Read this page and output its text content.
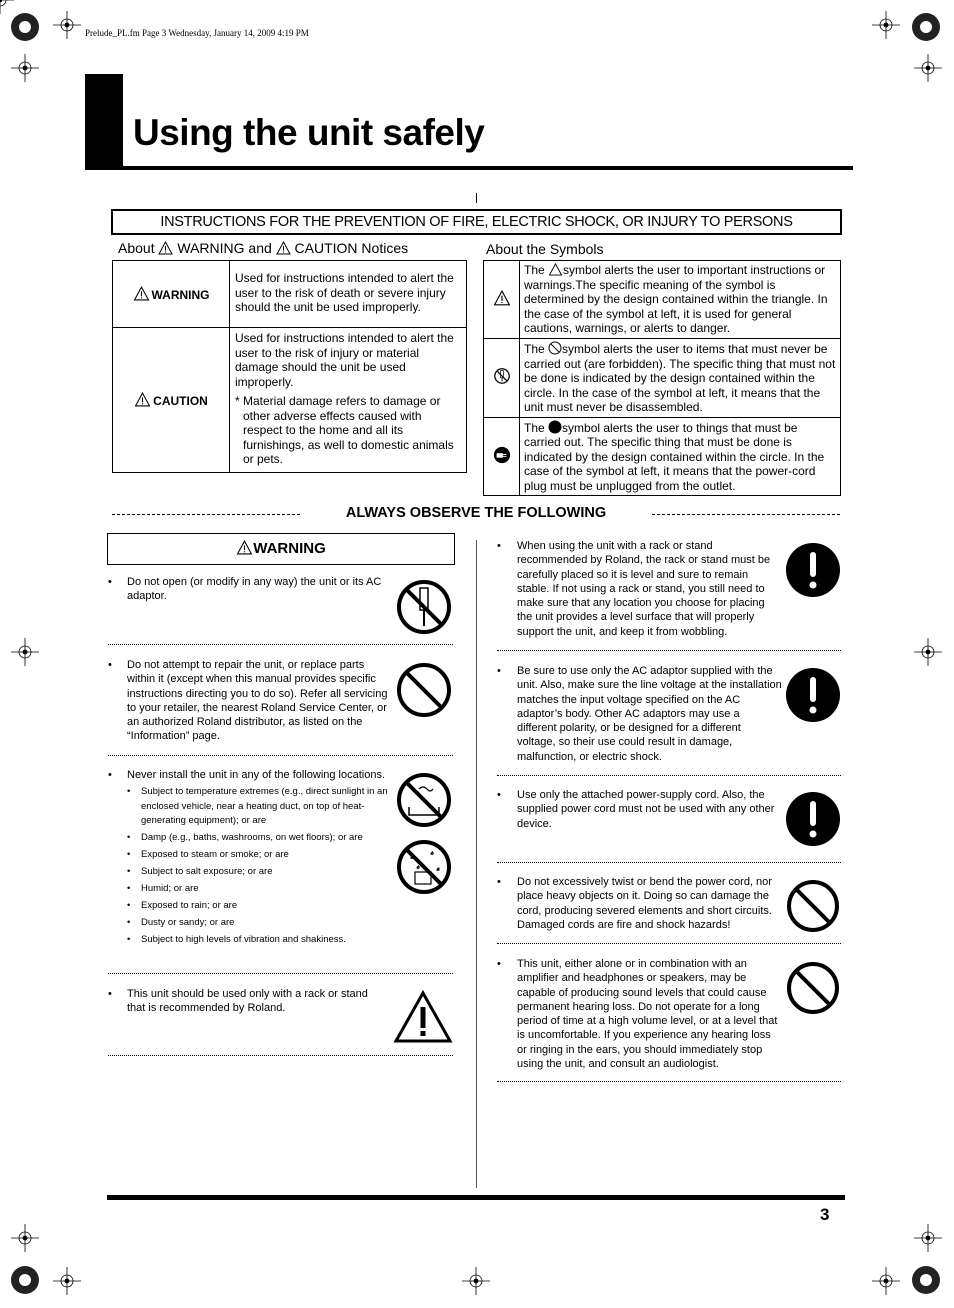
Prelude_PL.fm Page 3 Wednesday, January 14, 2009 4:19 PM
Using the unit safely
INSTRUCTIONS FOR THE PREVENTION OF FIRE, ELECTRIC SHOCK, OR INJURY TO PERSONS
About WARNING and CAUTION Notices
WARNING	Used for instructions intended to alert the user to the risk of death or severe injury should the unit be used improperly.
CAUTION	Used for instructions intended to alert the user to the risk of injury or material damage should the unit be used improperly.
* Material damage refers to damage or other adverse effects caused with respect to the home and all its furnishings, as well to domestic animals or pets.
About the Symbols
	The symbol alerts the user to important instructions or warnings.The specific meaning of the symbol is determined by the design contained within the triangle. In the case of the symbol at left, it is used for general cautions, warnings, or alerts to danger.
	The symbol alerts the user to items that must never be carried out (are forbidden). The specific thing that must not be done is indicated by the design contained within the circle. In the case of the symbol at left, it means that the unit must never be disassembled.
	The symbol alerts the user to things that must be carried out. The specific thing that must be done is indicated by the design contained within the circle. In the case of the symbol at left, it means that the power-cord plug must be unplugged from the outlet.
ALWAYS OBSERVE THE FOLLOWING
WARNING
• Do not open (or modify in any way) the unit or its AC adaptor.
• Do not attempt to repair the unit, or replace parts within it (except when this manual provides specific instructions directing you to do so). Refer all servicing to your retailer, the nearest Roland Service Center, or an authorized Roland distributor, as listed on the “Information” page.
• Never install the unit in any of the following locations.
• Subject to temperature extremes (e.g., direct sunlight in an enclosed vehicle, near a heating duct, on top of heat-generating equipment); or are
• Damp (e.g., baths, washrooms, on wet floors); or are
• Exposed to steam or smoke; or are
• Subject to salt exposure; or are
• Humid; or are
• Exposed to rain; or are
• Dusty or sandy; or are
• Subject to high levels of vibration and shakiness.
• This unit should be used only with a rack or stand that is recommended by Roland.
• When using the unit with a rack or stand recommended by Roland, the rack or stand must be carefully placed so it is level and sure to remain stable. If not using a rack or stand, you still need to make sure that any location you choose for placing the unit provides a level surface that will properly support the unit, and keep it from wobbling.
• Be sure to use only the AC adaptor supplied with the unit. Also, make sure the line voltage at the installation matches the input voltage specified on the AC adaptor’s body. Other AC adaptors may use a different polarity, or be designed for a different voltage, so their use could result in damage, malfunction, or electric shock.
• Use only the attached power-supply cord. Also, the supplied power cord must not be used with any other device.
• Do not excessively twist or bend the power cord, nor place heavy objects on it. Doing so can damage the cord, producing severed elements and short circuits. Damaged cords are fire and shock hazards!
• This unit, either alone or in combination with an amplifier and headphones or speakers, may be capable of producing sound levels that could cause permanent hearing loss. Do not operate for a long period of time at a high volume level, or at a level that is uncomfortable. If you experience any hearing loss or ringing in the ears, you should immediately stop using the unit, and consult an audiologist.
3
